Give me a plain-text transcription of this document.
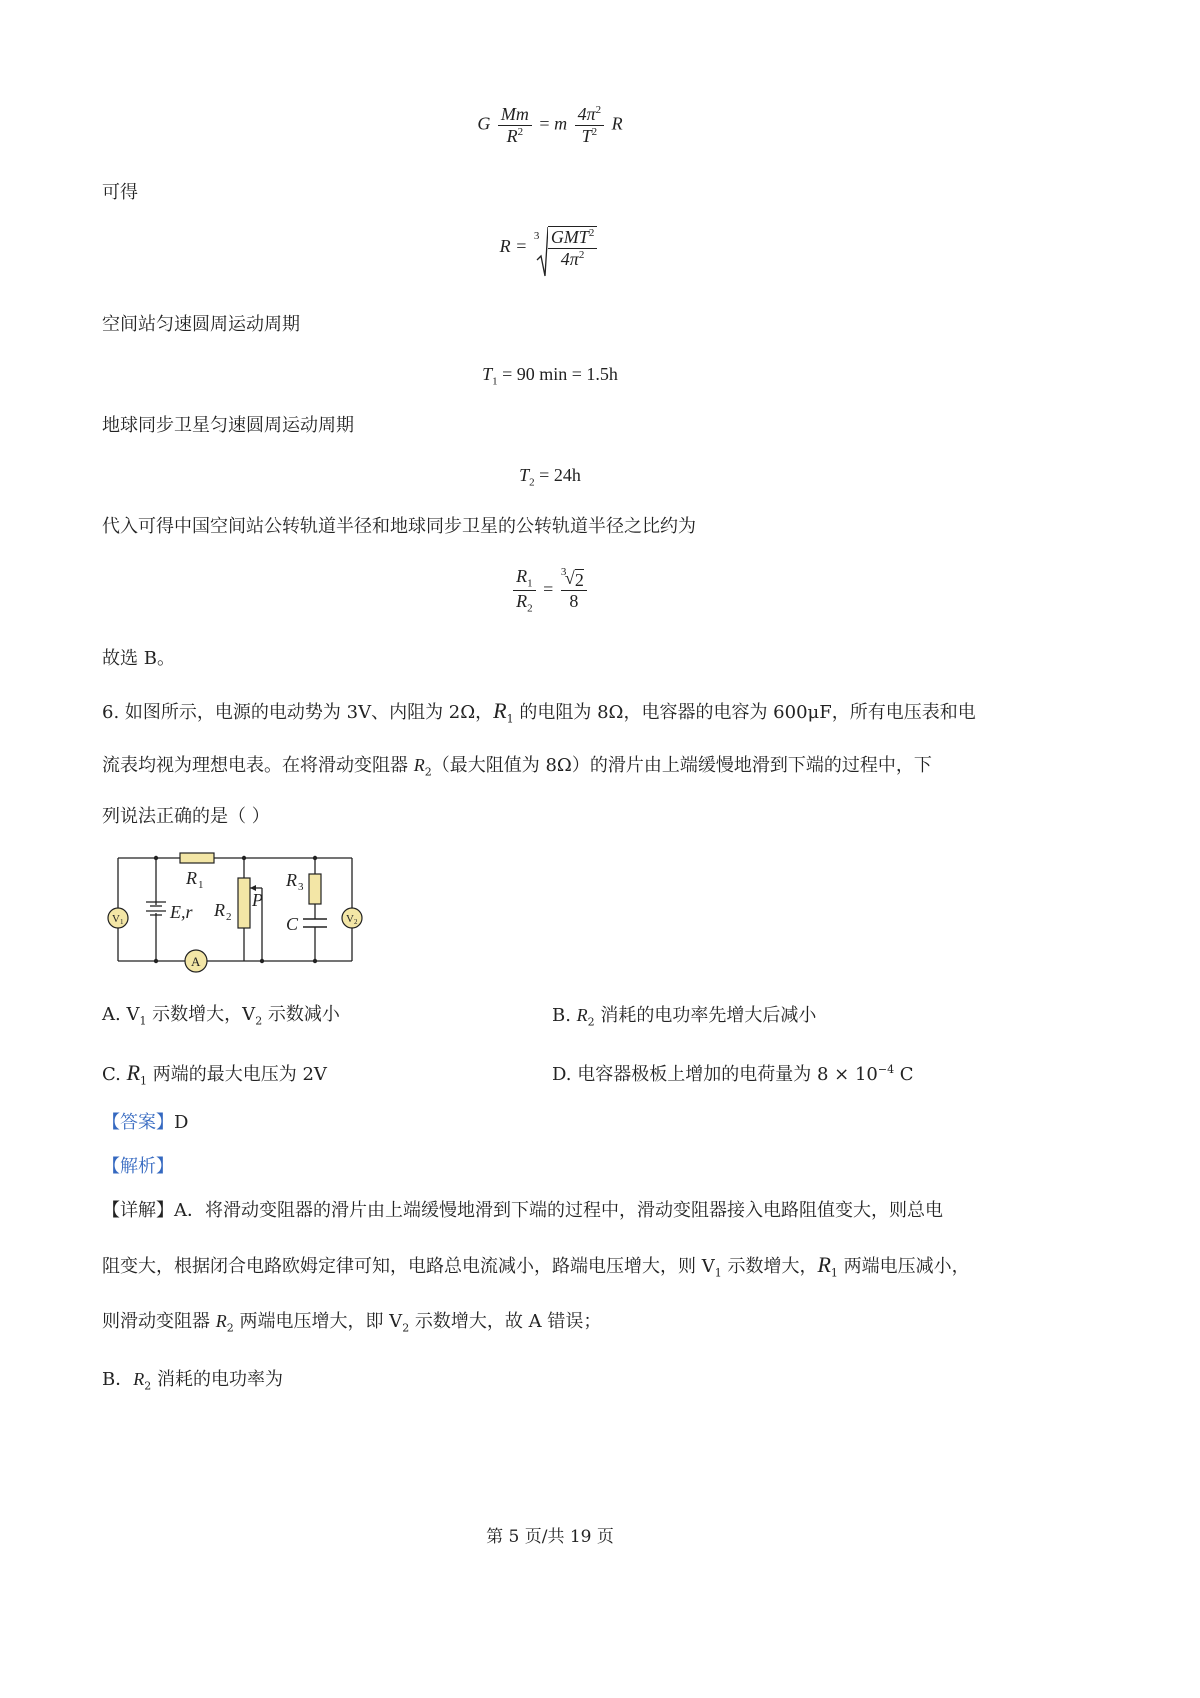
G $\frac{Mm}{R^2} = m \frac{4\pi^2}{T^2}$ R
可得
$R = 3 \frac{GMT^2}{4\pi^2}$
空间站匀速圆周运动周期
$T_1 = 90$ min = 1.5h
地球同步卫星匀速圆周运动周期
$T_2 = 24h$
代入可得中国空间站公转轨道半径和地球同步卫星的公转轨道半径之比约为
$\frac{R_1}{R_2} = 3$
√ 2
8
故选 B。
6. 如图所示，电源的电动势为 3V、内阻为 2Ω，$R_1$ 的电阻为 8Ω，电容器的电容为 600μF，所有电压表和电
流表均视为理想电表。在将滑动变阻器 $R_2$（最大阻值为 8Ω）的滑片由上端缓慢地滑到下端的过程中，下
列说法正确的是（ ）
V 1	V 2
A
R 1
R 2
P
R 3
C
E,r
A. $V_1$ 示数增大，$V_2$ 示数减小	B. $R_2$ 消耗的电功率先增大后减小
C. $R_1$ 两端的最大电压为 2V	D. 电容器极板上增加的电荷量为 $8 \times 10^{-4}$ C
【答案】D
【解析】
【详解】A．将滑动变阻器的滑片由上端缓慢地滑到下端的过程中，滑动变阻器接入电路阻值变大，则总电
阻变大，根据闭合电路欧姆定律可知，电路总电流减小，路端电压增大，则 $V_1$ 示数增大，$R_1$ 两端电压减小，
则滑动变阻器 $R_2$ 两端电压增大，即 $V_2$ 示数增大，故 A 错误；
B．$R_2$ 消耗的电功率为
第 5 页/共 19 页
